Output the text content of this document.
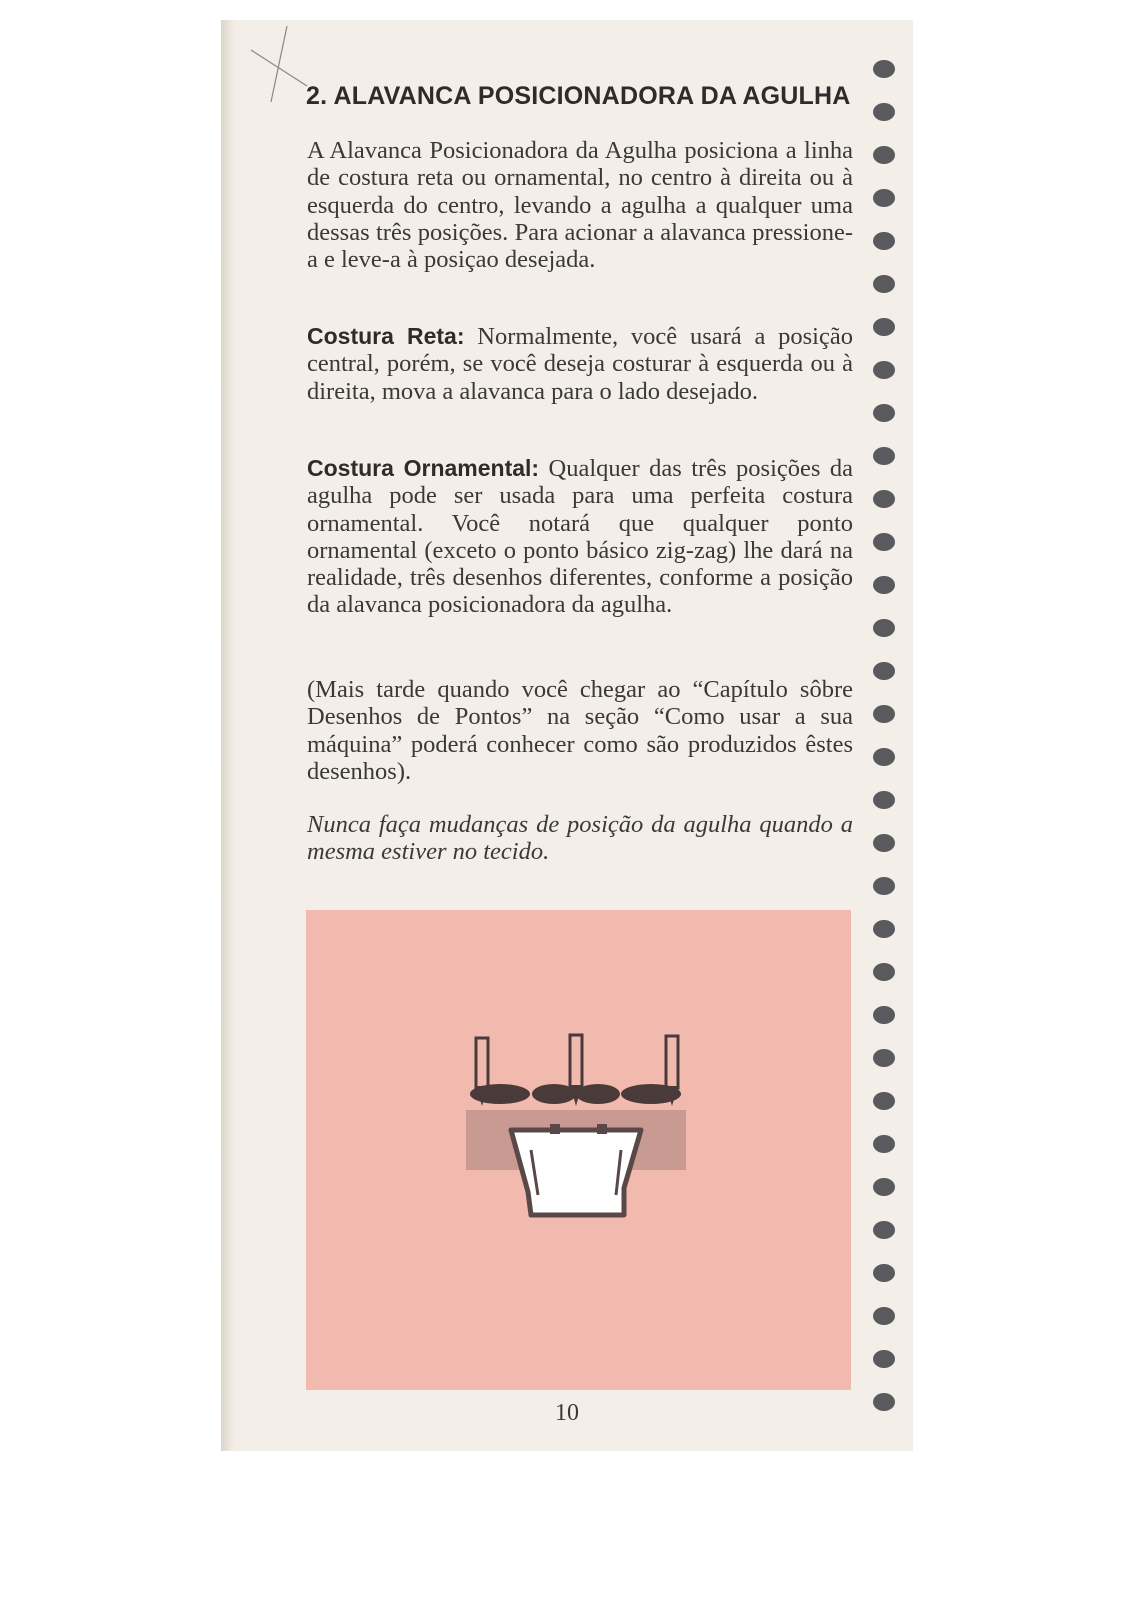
2. ALAVANCA POSICIONADORA DA AGULHA

A Alavanca Posicionadora da Agulha posiciona a linha de costura reta ou ornamental, no centro à direita ou à esquerda do centro, levando a agulha a qualquer uma dessas três posições. Para acionar a alavanca pressione-a e leve-a à posiçao desejada.

Costura Reta: Normalmente, você usará a posição central, porém, se você deseja costurar à esquerda ou à direita, mova a alavanca para o lado desejado.

Costura Ornamental: Qualquer das três posições da agulha pode ser usada para uma perfeita costura ornamental. Você notará que qualquer ponto ornamental (exceto o ponto básico zig-zag) lhe dará na realidade, três desenhos diferentes, conforme a posição da alavanca posicionadora da agulha.

(Mais tarde quando você chegar ao “Capítulo sôbre Desenhos de Pontos” na seção “Como usar a sua máquina” poderá conhecer como são produzidos êstes desenhos).

Nunca faça mudanças de posição da agulha quando a mesma estiver no tecido.

10
